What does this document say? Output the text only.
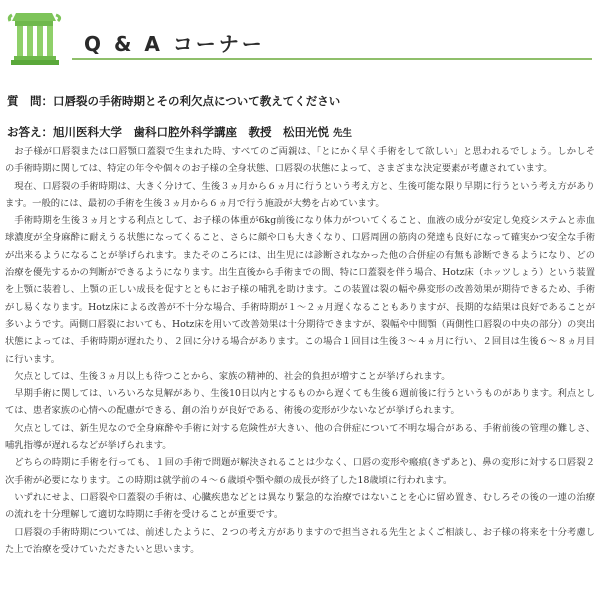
Q & A コーナー
質　問：口唇裂の手術時期とその利欠点について教えてください
お答え：旭川医科大学　歯科口腔外科学講座　教授　松田光悦 先生

お子様が口唇裂または口唇顎口蓋裂で生まれた時、すべてのご両親は、「とにかく早く手術をして欲しい」と思われるでしょう。しかしその手術時期に関しては、特定の年令や個々のお子様の全身状態、口唇裂の状態によって、さまざまな決定要素が考慮されています。

現在、口唇裂の手術時期は、大きく分けて、生後３ヵ月から６ヵ月に行うという考え方と、生後可能な限り早期に行うという考え方があります。一般的には、最初の手術を生後３ヵ月から６ヵ月で行う施設が大勢を占めています。

手術時期を生後３ヵ月とする利点として、お子様の体重が6kg前後になり体力がついてくること、血液の成分が安定し免疫システムと赤血球濃度が全身麻酔に耐えうる状態になってくること、さらに顔や口も大きくなり、口唇周囲の筋肉の発達も良好になって確実かつ安全な手術が出来るようになることが挙げられます。またそのころには、出生児には診断されなかった他の合併症の有無も診断できるようになり、どの治療を優先するかの判断ができるようになります。出生直後から手術までの間、特に口蓋裂を伴う場合、Hotz床（ホッツしょう）という装置を上顎に装着し、上顎の正しい成長を促すとともにお子様の哺乳を助けます。この装置は裂の幅や鼻変形の改善効果が期待できるため、手術がし易くなります。Hotz床による改善が不十分な場合、手術時期が１～２ヵ月遅くなることもありますが、長期的な結果は良好であることが多いようです。両側口唇裂においても、Hotz床を用いて改善効果は十分期待できますが、裂幅や中間顎（両側性口唇裂の中央の部分）の突出状態によっては、手術時期が遅れたり、２回に分ける場合があります。この場合１回目は生後３～４ヵ月に行い、２回目は生後６～８ヵ月目に行います。

欠点としては、生後３ヵ月以上も待つことから、家族の精神的、社会的負担が増すことが挙げられます。

早期手術に関しては、いろいろな見解があり、生後10日以内とするものから遅くても生後６週前後に行うというものがあります。利点としては、患者家族の心情への配慮ができる、創の治りが良好である、術後の変形が少ないなどが挙げられます。

欠点としては、新生児なので全身麻酔や手術に対する危険性が大きい、他の合併症について不明な場合がある、手術前後の管理の難しさ、哺乳指導が遅れるなどが挙げられます。

どちらの時期に手術を行っても、１回の手術で問題が解決されることは少なく、口唇の変形や瘢痕(きずあと)、鼻の変形に対する口唇裂２次手術が必要になります。この時期は就学前の４～６歳頃や顎や顔の成長が終了した18歳頃に行われます。

いずれにせよ、口唇裂や口蓋裂の手術は、心臓疾患などとは異なり緊急的な治療ではないことを心に留め置き、むしろその後の一連の治療の流れを十分理解して適切な時期に手術を受けることが重要です。

口唇裂の手術時期については、前述したように、２つの考え方がありますので担当される先生とよくご相談し、お子様の将来を十分考慮した上で治療を受けていただきたいと思います。
